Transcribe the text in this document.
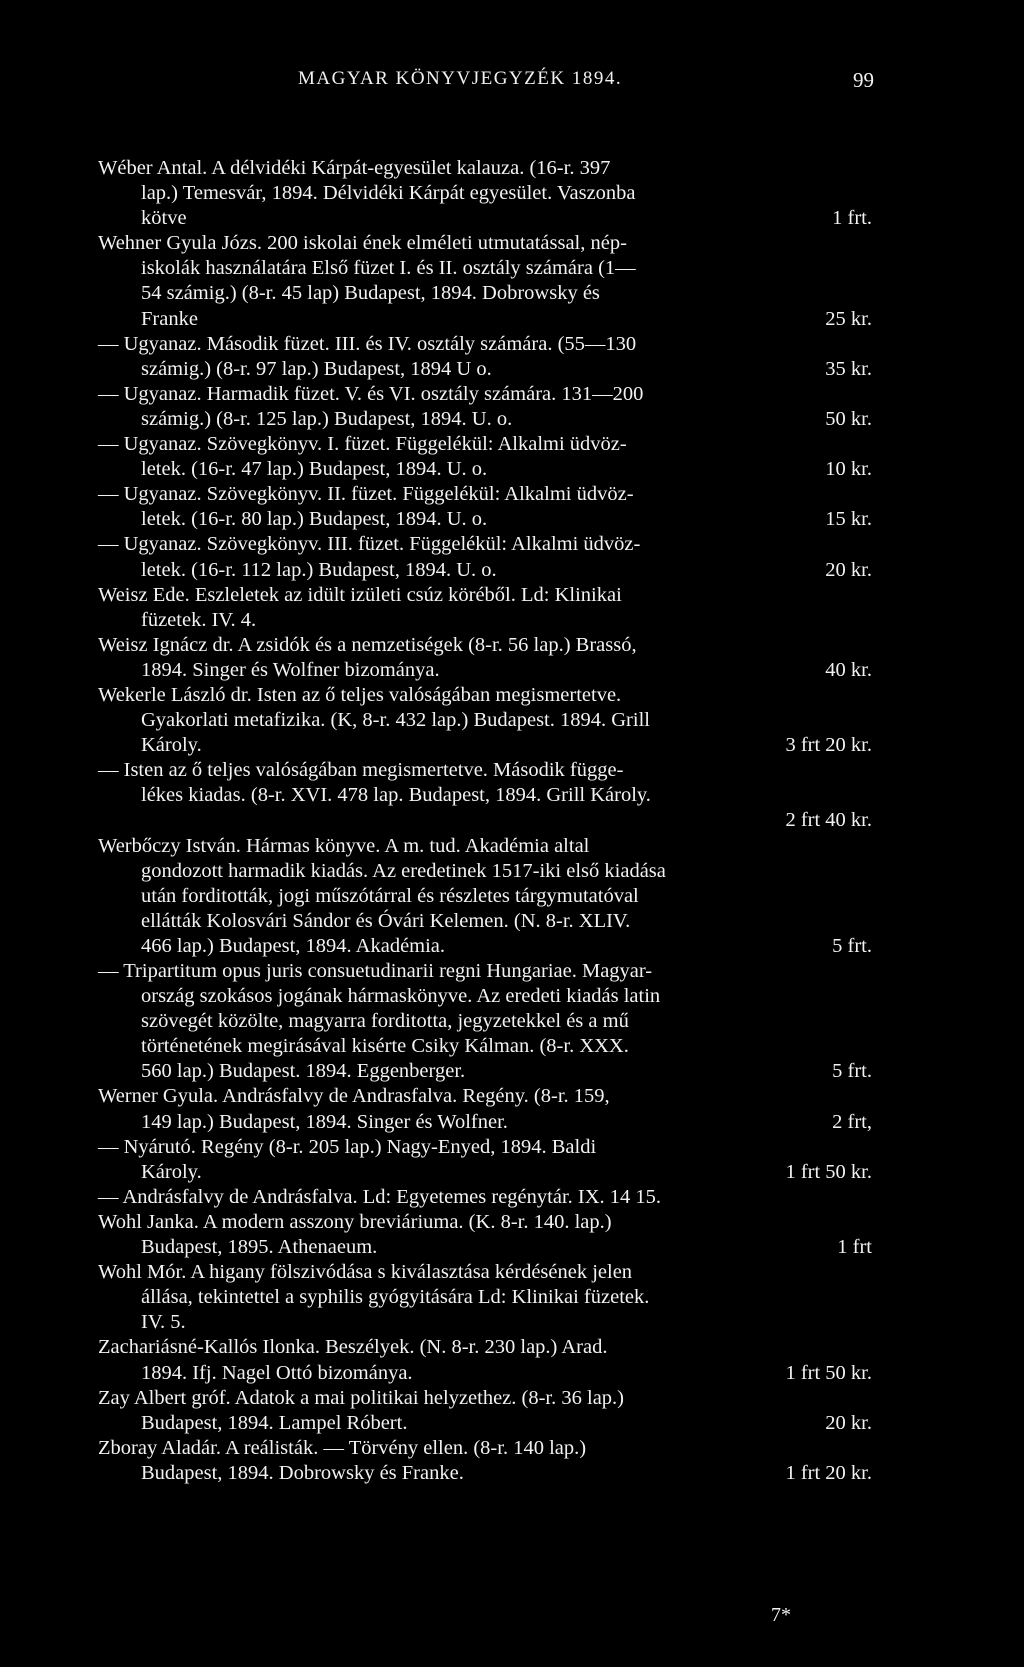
MAGYAR KÖNYVJEGYZÉK 1894.	99
Wéber Antal. A délvidéki Kárpát-egyesület kalauza. (16-r. 397
lap.) Temesvár, 1894. Délvidéki Kárpát egyesület. Vaszonba
kötve	1 frt.
Wehner Gyula Józs. 200 iskolai ének elméleti utmutatással, nép-
iskolák használatára Első füzet I. és II. osztály számára (1—
54 számig.) (8-r. 45 lap) Budapest, 1894. Dobrowsky és
Franke	25 kr.
— Ugyanaz. Második füzet. III. és IV. osztály számára. (55—130
számig.) (8-r. 97 lap.) Budapest, 1894 U o.	35 kr.
— Ugyanaz. Harmadik füzet. V. és VI. osztály számára. 131—200
számig.) (8-r. 125 lap.) Budapest, 1894. U. o.	50 kr.
— Ugyanaz. Szövegkönyv. I. füzet. Függelékül: Alkalmi üdvöz-
letek. (16-r. 47 lap.) Budapest, 1894. U. o.	10 kr.
— Ugyanaz. Szövegkönyv. II. füzet. Függelékül: Alkalmi üdvöz-
letek. (16-r. 80 lap.) Budapest, 1894. U. o.	15 kr.
— Ugyanaz. Szövegkönyv. III. füzet. Függelékül: Alkalmi üdvöz-
letek. (16-r. 112 lap.) Budapest, 1894. U. o.	20 kr.
Weisz Ede. Eszleletek az idült izületi csúz köréből. Ld: Klinikai
füzetek. IV. 4.
Weisz Ignácz dr. A zsidók és a nemzetiségek (8-r. 56 lap.) Brassó,
1894. Singer és Wolfner bizománya.	40 kr.
Wekerle László dr. Isten az ő teljes valóságában megismertetve.
Gyakorlati metafizika. (K, 8-r. 432 lap.) Budapest. 1894. Grill
Károly.	3 frt 20 kr.
— Isten az ő teljes valóságában megismertetve. Második függe-
lékes kiadas. (8-r. XVI. 478 lap. Budapest, 1894. Grill Károly.
2 frt 40 kr.
Werbőczy István. Hármas könyve. A m. tud. Akadémia altal
gondozott harmadik kiadás. Az eredetinek 1517-iki első kiadása
után forditották, jogi műszótárral és részletes tárgymutatóval
ellátták Kolosvári Sándor és Óvári Kelemen. (N. 8-r. XLIV.
466 lap.) Budapest, 1894. Akadémia.	5 frt.
— Tripartitum opus juris consuetudinarii regni Hungariae. Magyar-
ország szokásos jogának hármaskönyve. Az eredeti kiadás latin
szövegét közölte, magyarra forditotta, jegyzetekkel és a mű
történetének megirásával kisérte Csiky Kálman. (8-r. XXX.
560 lap.) Budapest. 1894. Eggenberger.	5 frt.
Werner Gyula. Andrásfalvy de Andrasfalva. Regény. (8-r. 159,
149 lap.) Budapest, 1894. Singer és Wolfner.	2 frt,
— Nyárutó. Regény (8-r. 205 lap.) Nagy-Enyed, 1894. Baldi
Károly.	1 frt 50 kr.
— Andrásfalvy de Andrásfalva. Ld: Egyetemes regénytár. IX. 14 15.
Wohl Janka. A modern asszony breviáriuma. (K. 8-r. 140. lap.)
Budapest, 1895. Athenaeum.	1 frt
Wohl Mór. A higany fölszivódása s kiválasztása kérdésének jelen
állása, tekintettel a syphilis gyógyitására Ld: Klinikai füzetek.
IV. 5.
Zachariásné-Kallós Ilonka. Beszélyek. (N. 8-r. 230 lap.) Arad.
1894. Ifj. Nagel Ottó bizománya.	1 frt 50 kr.
Zay Albert gróf. Adatok a mai politikai helyzethez. (8-r. 36 lap.)
Budapest, 1894. Lampel Róbert.	20 kr.
Zboray Aladár. A reálisták. — Törvény ellen. (8-r. 140 lap.)
Budapest, 1894. Dobrowsky és Franke.	1 frt 20 kr.
7*
